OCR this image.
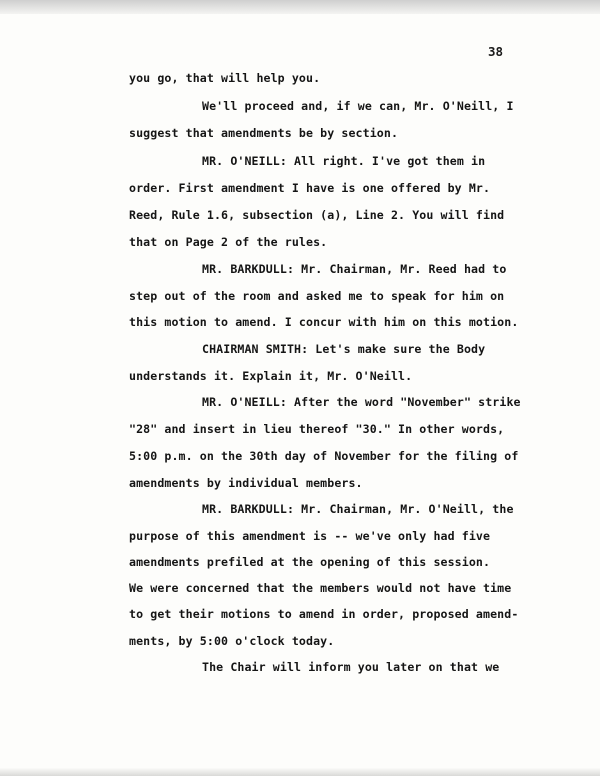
38
you go, that will help you.
We'll proceed and, if we can, Mr. O'Neill, I
suggest that amendments be by section.
MR. O'NEILL: All right. I've got them in
order. First amendment I have is one offered by Mr.
Reed, Rule 1.6, subsection (a), Line 2. You will find
that on Page 2 of the rules.
MR. BARKDULL: Mr. Chairman, Mr. Reed had to
step out of the room and asked me to speak for him on
this motion to amend. I concur with him on this motion.
CHAIRMAN SMITH: Let's make sure the Body
understands it. Explain it, Mr. O'Neill.
MR. O'NEILL: After the word "November" strike
"28" and insert in lieu thereof "30." In other words,
5:00 p.m. on the 30th day of November for the filing of
amendments by individual members.
MR. BARKDULL: Mr. Chairman, Mr. O'Neill, the
purpose of this amendment is -- we've only had five
amendments prefiled at the opening of this session.
We were concerned that the members would not have time
to get their motions to amend in order, proposed amend-
ments, by 5:00 o'clock today.
The Chair will inform you later on that we
